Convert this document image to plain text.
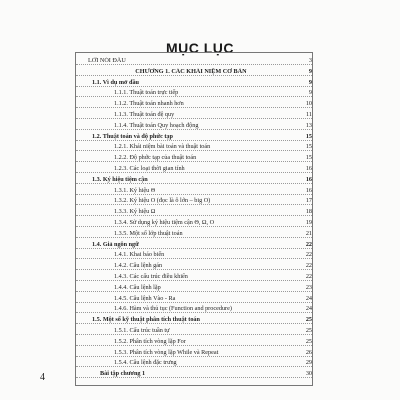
MỤC LỤC
LỜI NÓI ĐẦU	3
CHƯƠNG 1. CÁC KHÁI NIỆM CƠ BẢN	9
1.1. Vì dụ mở đầu	9
1.1.1. Thuật toán trực tiếp	9
1.1.2. Thuật toán nhanh hơn	10
1.1.3. Thuật toán đệ quy	11
1.1.4. Thuật toán Quy hoạch động	13
1.2. Thuật toán và độ phức tạp	15
1.2.1. Khái niệm bài toán và thuật toán	15
1.2.2. Độ phức tạp của thuật toán	15
1.2.3. Các loại thời gian tính	16
1.3. Ký hiệu tiệm cận	16
1.3.1. Ký hiệu Θ	16
1.3.2. Ký hiệu O (đọc là ô lớn – big O)	17
1.3.3. Ký hiệu Ω	18
1.3.4. Sử dụng ký hiệu tiệm cận Θ, Ω, O	19
1.3.5. Một số lớp thuật toán	21
1.4. Giả ngôn ngữ	22
1.4.1. Khai báo biến	22
1.4.2. Câu lệnh gán	22
1.4.3. Các cấu trúc điều khiển	22
1.4.4. Câu lệnh lặp	23
1.4.5. Câu lệnh Vào - Ra	24
1.4.6. Hàm và thủ tục (Function and procedure)	24
1.5. Một số kỹ thuật phân tích thuật toán	25
1.5.1. Cấu trúc tuần tự	25
1.5.2. Phân tích vòng lặp For	25
1.5.3. Phân tích vòng lặp While và Repeat	26
1.5.4. Câu lệnh đặc trưng	29
Bài tập chương 1	30
4
